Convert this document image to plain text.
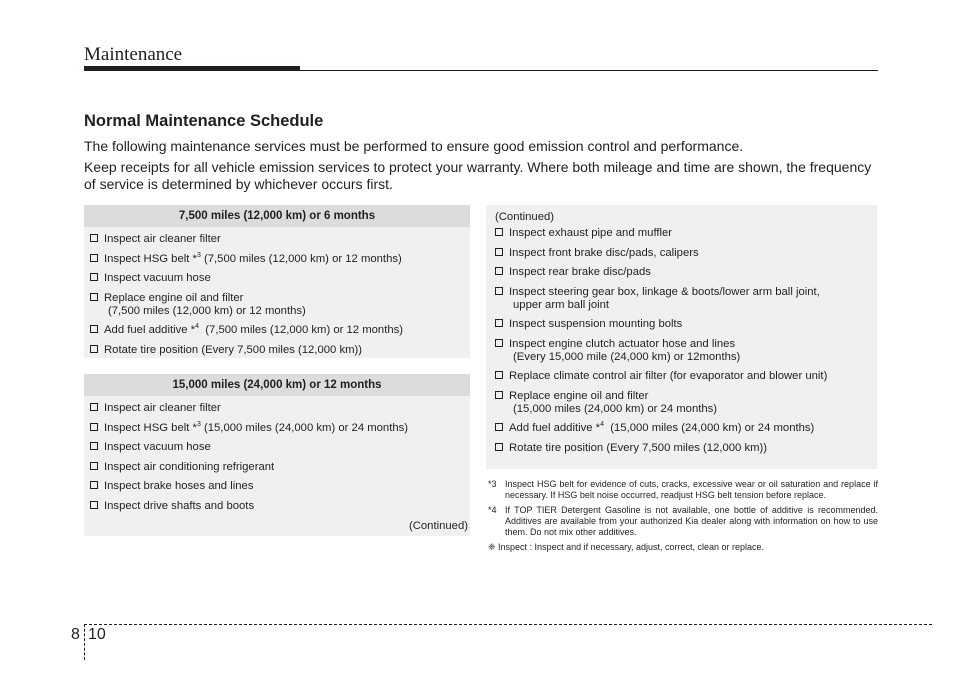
Maintenance
Normal Maintenance Schedule

The following maintenance services must be performed to ensure good emission control and performance.

Keep receipts for all vehicle emission services to protect your warranty. Where both mileage and time are shown, the frequency of service is determined by whichever occurs first.

7,500 miles (12,000 km) or 6 months
Inspect air cleaner filter
Inspect HSG belt *$^3$ (7,500 miles (12,000 km) or 12 months)
Inspect vacuum hose
Replace engine oil and filter
(7,500 miles (12,000 km) or 12 months)
Add fuel additive *$^4$  (7,500 miles (12,000 km) or 12 months)
Rotate tire position (Every 7,500 miles (12,000 km))
15,000 miles (24,000 km) or 12 months
Inspect air cleaner filter
Inspect HSG belt *$^3$ (15,000 miles (24,000 km) or 24 months)
Inspect vacuum hose
Inspect air conditioning refrigerant
Inspect brake hoses and lines
Inspect drive shafts and boots
(Continued)
(Continued)
Inspect exhaust pipe and muffler
Inspect front brake disc/pads, calipers
Inspect rear brake disc/pads
Inspect steering gear box, linkage & boots/lower arm ball joint,
upper arm ball joint
Inspect suspension mounting bolts
Inspect engine clutch actuator hose and lines
(Every 15,000 mile (24,000 km) or 12months)
Replace climate control air filter (for evaporator and blower unit)
Replace engine oil and filter
(15,000 miles (24,000 km) or 24 months)
Add fuel additive *$^4$  (15,000 miles (24,000 km) or 24 months)
Rotate tire position (Every 7,500 miles (12,000 km))
*3 Inspect HSG belt for evidence of cuts, cracks, excessive wear or oil saturation and replace if necessary. If HSG belt noise occurred, readjust HSG belt tension before replace.
*4 If TOP TIER Detergent Gasoline is not available, one bottle of additive is recommended. Additives are available from your authorized Kia dealer along with information on how to use them. Do not mix other additives.
❈ Inspect : Inspect and if necessary, adjust, correct, clean or replace.
8 10
